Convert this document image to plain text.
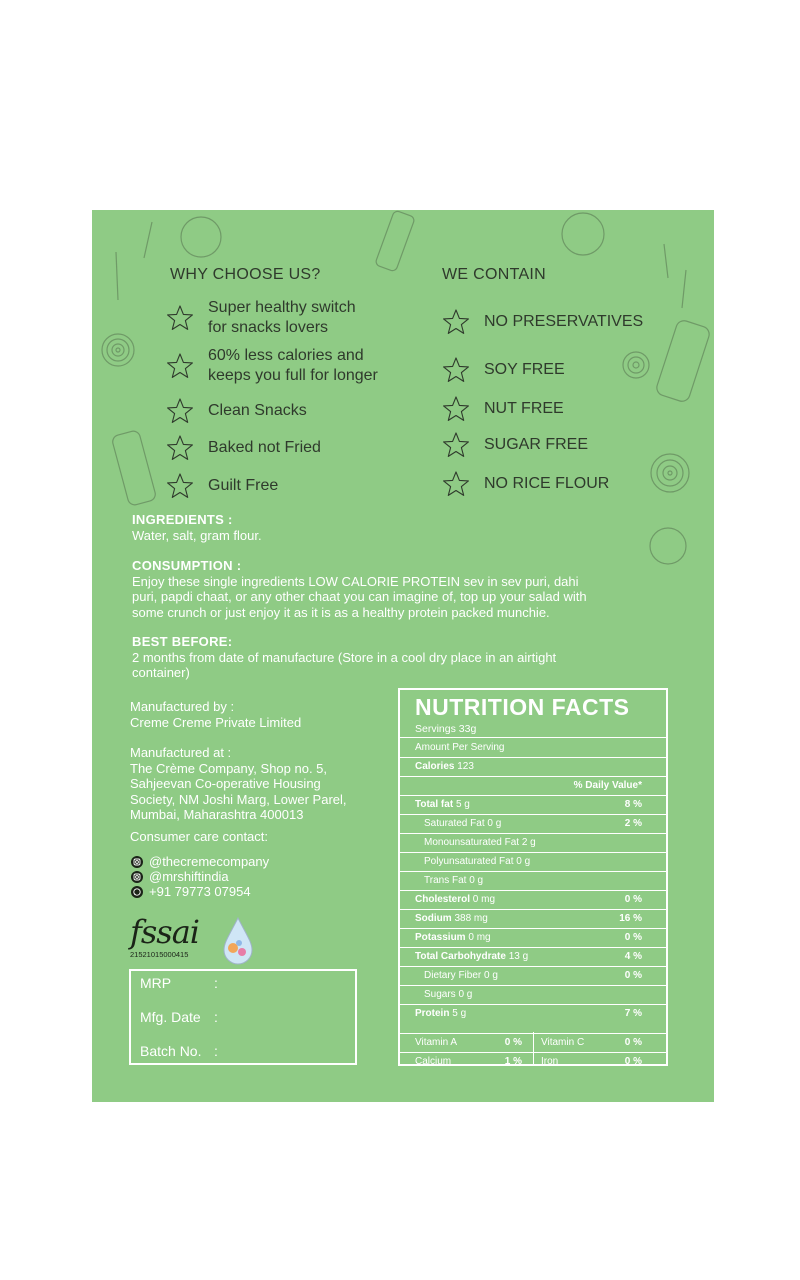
WHY CHOOSE US?	WE CONTAIN
Super healthy switch
for snacks lovers
60% less calories and
keeps you full for longer
Clean Snacks
Baked not Fried
Guilt Free
NO PRESERVATIVES
SOY FREE
NUT FREE
SUGAR FREE
NO RICE FLOUR
INGREDIENTS :
Water, salt, gram flour.
CONSUMPTION :
Enjoy these single ingredients LOW CALORIE PROTEIN sev in sev puri, dahi
puri, papdi chaat, or any other chaat you can imagine of, top up your salad with
some crunch or just enjoy it as it is as a healthy protein packed munchie.
BEST BEFORE:
2 months from date of manufacture (Store in a cool dry place in an airtight
container)
Manufactured by :
Creme Creme Private Limited
Manufactured at :
The Crème Company, Shop no. 5,
Sahjeevan Co-operative Housing
Society, NM Joshi Marg, Lower Parel,
Mumbai, Maharashtra 400013
Consumer care contact:
@thecremecompany
@mrshiftindia
+91 79773 07954
fssai
21521015000415
MRP	:
Mfg. Date :
Batch No. :
NUTRITION FACTS
Servings 33g
Amount Per Serving
Calories 123
% Daily Value*
Total fat 5 g	8 %
Saturated Fat 0 g	2 %
Monounsaturated Fat 2 g
Polyunsaturated Fat 0 g
Trans Fat 0 g
Cholesterol 0 mg	0 %
Sodium 388 mg	16 %
Potassium 0 mg	0 %
Total Carbohydrate 13 g	4 %
Dietary Fiber 0 g	0 %
Sugars 0 g
Protein 5 g	7 %
Vitamin A	0 % Vitamin C	0 %
Calcium	1 % Iron	0 %
